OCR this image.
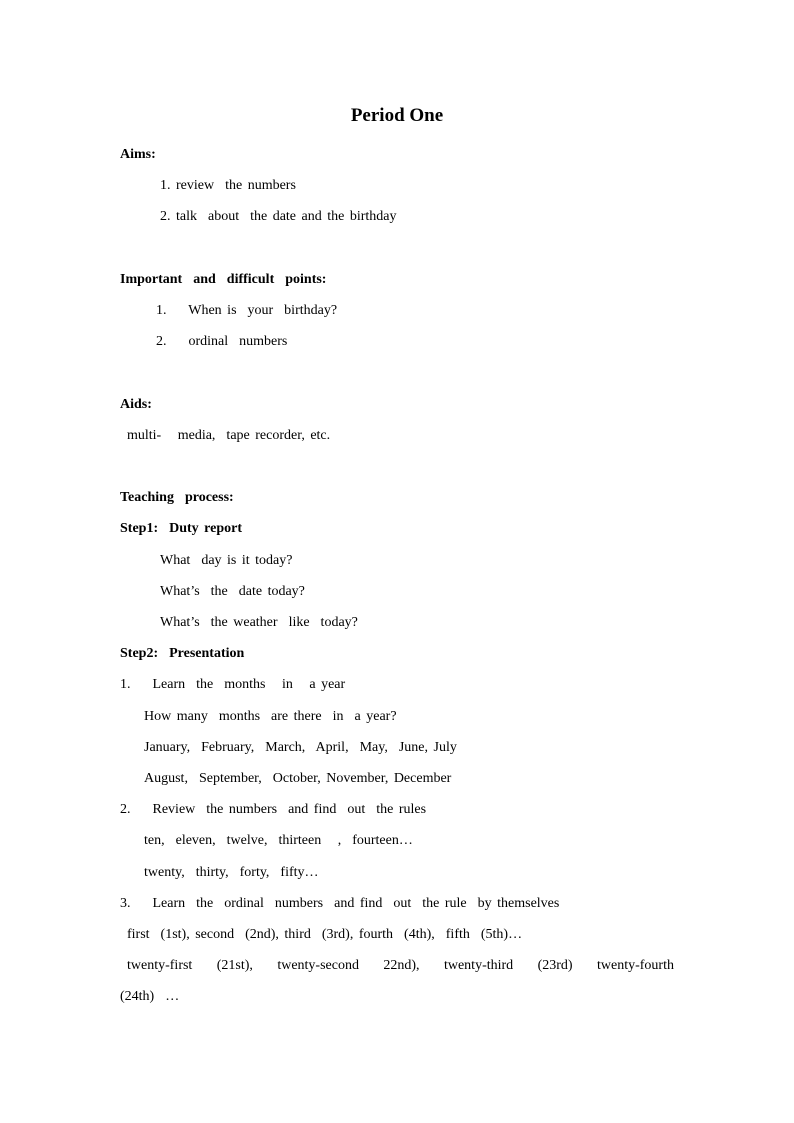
Period One
Aims:
1. review  the numbers
2. talk  about  the date and the birthday
Important  and  difficult  points:
1.    When is  your  birthday?
2.    ordinal  numbers
Aids:
multi-   media,  tape recorder, etc.
Teaching  process:
Step1:  Duty report
What  day is it today?
What’s  the  date today?
What’s  the weather  like  today?
Step2:  Presentation
1.    Learn  the  months   in   a year
How many  months  are there  in  a year?
January,  February,  March,  April,  May,  June, July
August,  September,  October, November, December
2.    Review  the numbers  and find  out  the rules
ten,  eleven,  twelve,  thirteen   ,  fourteen…
twenty,  thirty,  forty,  fifty…
3.    Learn  the  ordinal  numbers  and find  out  the rule  by themselves
first  (1st), second  (2nd), third  (3rd), fourth  (4th),  fifth  (5th)…
twenty-first (21st), twenty-second 22nd), twenty-third (23rd) twenty-fourth
(24th)  …
